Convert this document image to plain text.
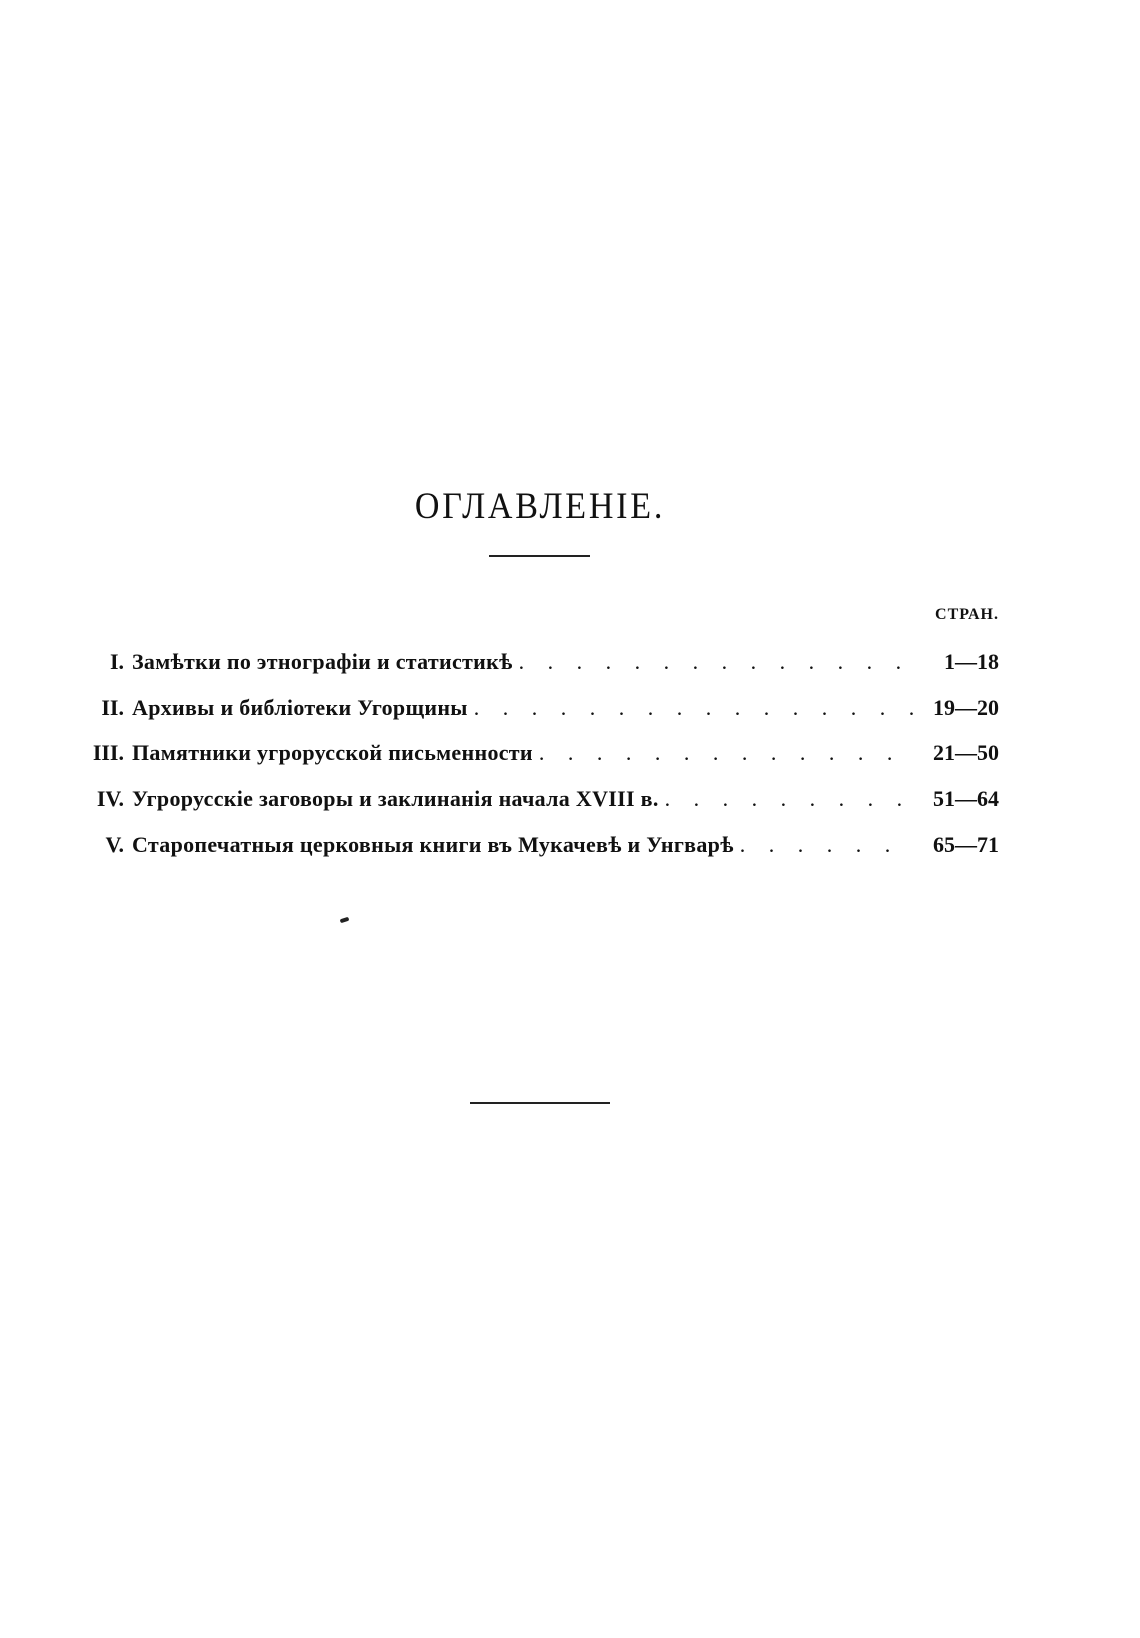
ОГЛАВЛЕНIЕ.
СТРАН.
I. Замѣтки по этнографiи и статистикѣ . . .	1—18
II. Архивы и библiотеки Угорщины . . .	19—20
III. Памятники угрорусской письменности . . .	21—50
IV. Угрорусскiе заговоры и заклинанiя начала XVIII в. . . .	51—64
V. Старопечатныя церковныя книги въ Мукачевѣ и Унгварѣ . . .	65—71
